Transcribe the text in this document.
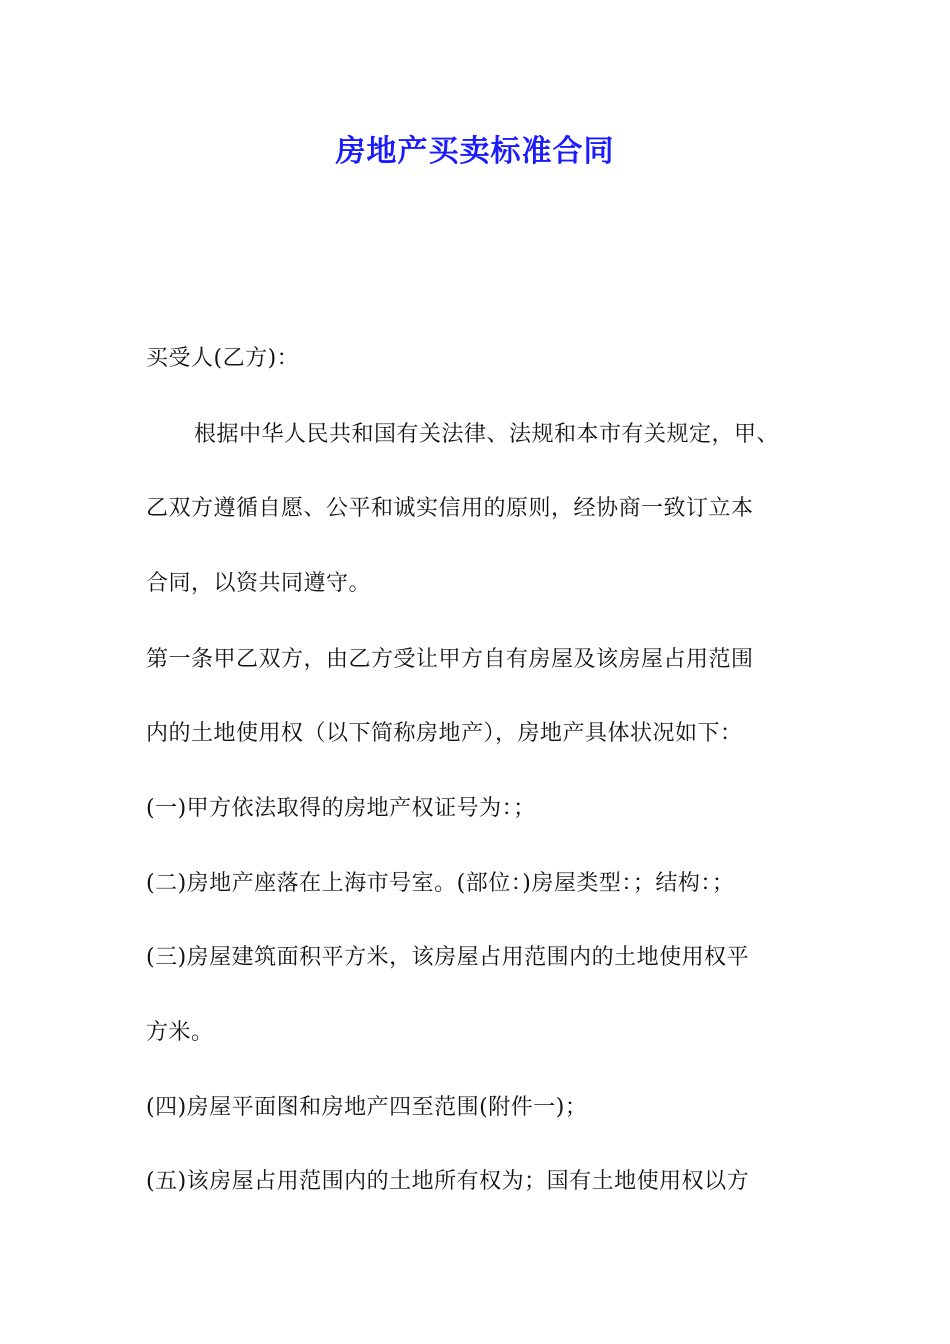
房地产买卖标准合同
买受人(乙方)：
根据中华人民共和国有关法律、法规和本市有关规定，甲、
乙双方遵循自愿、公平和诚实信用的原则，经协商一致订立本
合同，以资共同遵守。
第一条甲乙双方，由乙方受让甲方自有房屋及该房屋占用范围
内的土地使用权（以下简称房地产），房地产具体状况如下：
(一)甲方依法取得的房地产权证号为：；
(二)房地产座落在上海市号室。(部位：)房屋类型：；结构：；
(三)房屋建筑面积平方米，该房屋占用范围内的土地使用权平
方米。
(四)房屋平面图和房地产四至范围(附件一)；
(五)该房屋占用范围内的土地所有权为；国有土地使用权以方
